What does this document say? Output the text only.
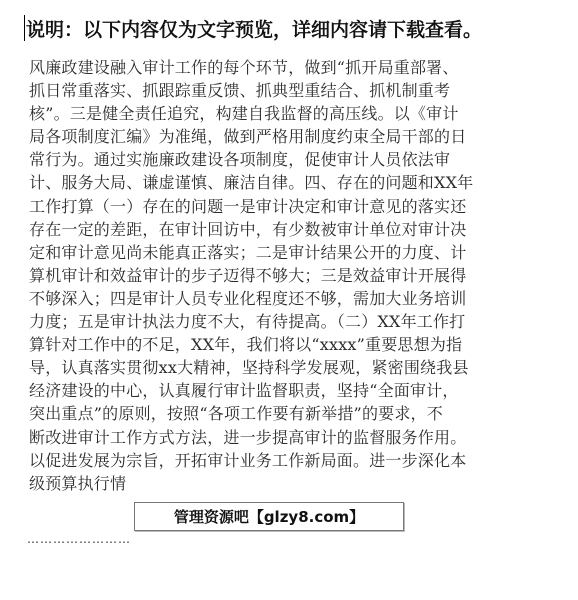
说明：以下内容仅为文字预览，详细内容请下载查看。
风廉政建设融入审计工作的每个环节，做到“抓开局重部署、
抓日常重落实、抓跟踪重反馈、抓典型重结合、抓机制重考
核”。三是健全责任追究，构建自我监督的高压线。以《审计
局各项制度汇编》为准绳，做到严格用制度约束全局干部的日
常行为。通过实施廉政建设各项制度，促使审计人员依法审
计、服务大局、谦虚谨慎、廉洁自律。四、存在的问题和XX年
工作打算（一）存在的问题一是审计决定和审计意见的落实还
存在一定的差距，在审计回访中，有少数被审计单位对审计决
定和审计意见尚未能真正落实；二是审计结果公开的力度、计
算机审计和效益审计的步子迈得不够大；三是效益审计开展得
不够深入；四是审计人员专业化程度还不够，需加大业务培训
力度；五是审计执法力度不大，有待提高。（二）XX年工作打
算针对工作中的不足，XX年，我们将以“xxxx”重要思想为指
导，认真落实贯彻xx大精神，坚持科学发展观，紧密围绕我县
经济建设的中心，认真履行审计监督职责，坚持“全面审计，
突出重点”的原则，按照“各项工作要有新举措”的要求，不
断改进审计工作方式方法，进一步提高审计的监督服务作用。
以促进发展为宗旨，开拓审计业务工作新局面。进一步深化本
级预算执行情
管理资源吧【glzy8.com】
……………………
